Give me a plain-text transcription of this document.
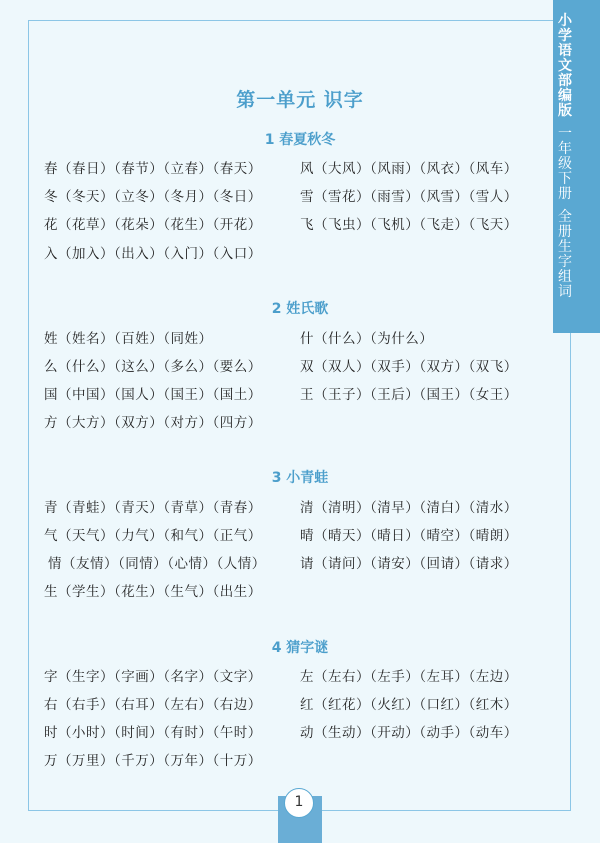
小
学
语
文
部
编
版
一
年
级
下
册
全
册
生
字
组
词
第一单元 识字
1 春夏秋冬
春（春日）（春节）（立春）（春天）	风（大风）（风雨）（风衣）（风车）
冬（冬天）（立冬）（冬月）（冬日）	雪（雪花）（雨雪）（风雪）（雪人）
花（花草）（花朵）（花生）（开花）	飞（飞虫）（飞机）（飞走）（飞天）
入（加入）（出入）（入门）（入口）
2 姓氏歌
姓（姓名）（百姓）（同姓）	什（什么）（为什么）
么（什么）（这么）（多么）（要么）	双（双人）（双手）（双方）（双飞）
国（中国）（国人）（国王）（国土）	王（王子）（王后）（国王）（女王）
方（大方）（双方）（对方）（四方）
3 小青蛙
青（青蛙）（青天）（青草）（青春）	清（清明）（清早）（清白）（清水）
气（天气）（力气）（和气）（正气）	晴（晴天）（晴日）（晴空）（晴朗）
情（友情）（同情）（心情）（人情）	请（请问）（请安）（回请）（请求）
生（学生）（花生）（生气）（出生）
4 猜字谜
字（生字）（字画）（名字）（文字）	左（左右）（左手）（左耳）（左边）
右（右手）（右耳）（左右）（右边）	红（红花）（火红）（口红）（红木）
时（小时）（时间）（有时）（午时）	动（生动）（开动）（动手）（动车）
万（万里）（千万）（万年）（十万）
1
